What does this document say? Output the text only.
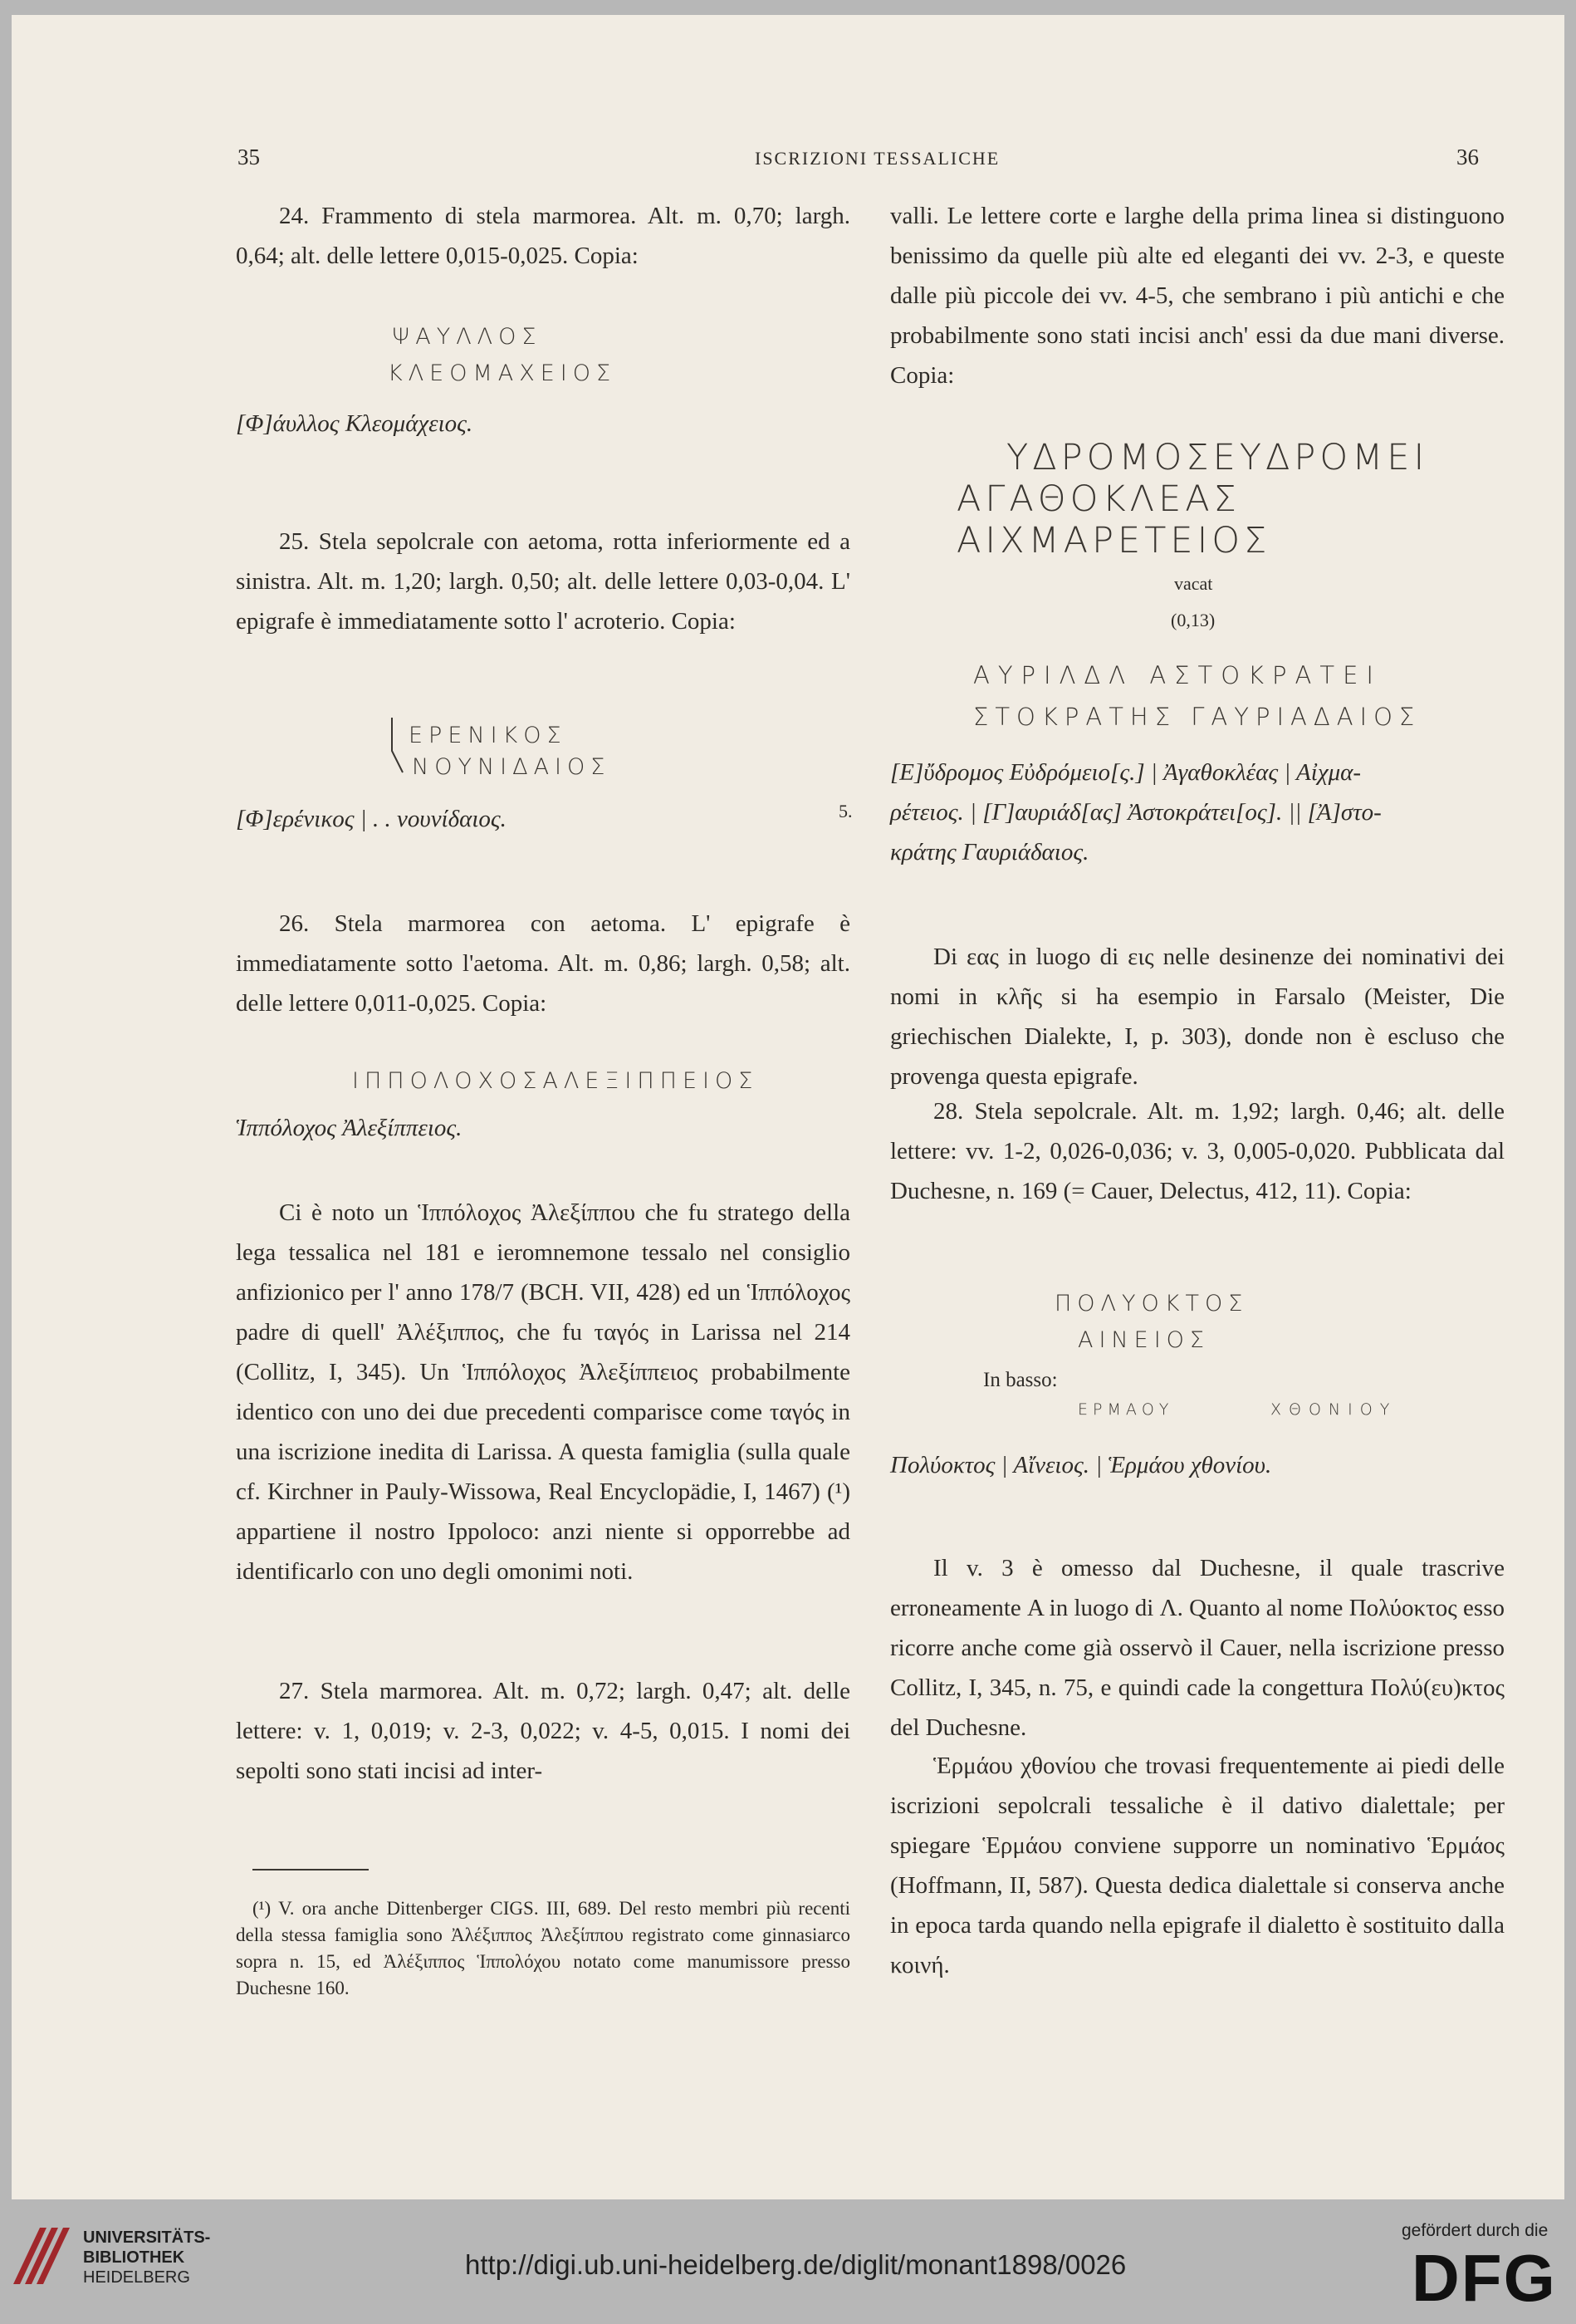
35	ISCRIZIONI TESSALICHE	36
24. Frammento di stela marmorea. Alt. m. 0,70; largh. 0,64; alt. delle lettere 0,015-0,025. Copia:
ΨΑΥΛΛΟΣ
ΚΛΕΟΜΑΧΕΙΟΣ
[Φ]άυλλος Κλεομάχειος.
25. Stela sepolcrale con aetoma, rotta inferiormente ed a sinistra. Alt. m. 1,20; largh. 0,50; alt. delle lettere 0,03-0,04. L' epigrafe è immediatamente sotto l' acroterio. Copia:
ΕΡΕΝΙΚΟΣ
ΝΟΥΝΙΔΑΙΟΣ
[Φ]ερένικος | . . νουνίδαιος.
26. Stela marmorea con aetoma. L' epigrafe è immediatamente sotto l'aetoma. Alt. m. 0,86; largh. 0,58; alt. delle lettere 0,011-0,025. Copia:
ΙΠΠΟΛΟΧΟΣΑΛΕΞΙΠΠΕΙΟΣ
Ἱππόλοχος Ἀλεξίππειος.
Ci è noto un Ἱππόλοχος Ἀλεξίππου che fu stratego della lega tessalica nel 181 e ieromnemone tessalo nel consiglio anfizionico per l' anno 178/7 (BCH. VII, 428) ed un Ἱππόλοχος padre di quell' Ἀλέξιππος, che fu ταγός in Larissa nel 214 (Collitz, I, 345). Un Ἱππόλοχος Ἀλεξίππειος probabilmente identico con uno dei due precedenti comparisce come ταγός in una iscrizione inedita di Larissa. A questa famiglia (sulla quale cf. Kirchner in Pauly-Wissowa, Real Encyclopädie, I, 1467) (¹) appartiene il nostro Ippoloco: anzi niente si opporrebbe ad identificarlo con uno degli omonimi noti.
27. Stela marmorea. Alt. m. 0,72; largh. 0,47; alt. delle lettere: v. 1, 0,019; v. 2-3, 0,022; v. 4-5, 0,015. I nomi dei sepolti sono stati incisi ad inter-
(¹) V. ora anche Dittenberger CIGS. III, 689. Del resto membri più recenti della stessa famiglia sono Ἀλέξιππος Ἀλεξίππου registrato come ginnasiarco sopra n. 15, ed Ἀλέξιππος Ἱππολόχου notato come manumissore presso Duchesne 160.
valli. Le lettere corte e larghe della prima linea si distinguono benissimo da quelle più alte ed eleganti dei vv. 2-3, e queste dalle più piccole dei vv. 4-5, che sembrano i più antichi e che probabilmente sono stati incisi anch' essi da due mani diverse. Copia:
ΥΔΡΟΜΟΣΕΥΔΡΟΜΕΙ
ΑΓΑΘΟΚΛΕΑΣ
ΑΙΧΜΑΡΕΤΕΙΟΣ
vacat
(0,13)
ΑΥΡΙΛΔΛ ΑΣΤΟΚΡΑΤΕΙ
ΣΤΟΚΡΑΤΗΣ ΓΑΥΡΙΑΔΑΙΟΣ
[Ε]ὔδρομος Εὐδρόμειο[ς.] | Ἀγαθοκλέας | Αἰχμα-
5. ρέτειος. | [Γ]αυριάδ[ας] Ἀστοκράτει[ος]. || [Ἀ]στο-
κράτης Γαυριάδαιος.
Di εας in luogo di εις nelle desinenze dei nominativi dei nomi in κλῆς si ha esempio in Farsalo (Meister, Die griechischen Dialekte, I, p. 303), donde non è escluso che provenga questa epigrafe.
28. Stela sepolcrale. Alt. m. 1,92; largh. 0,46; alt. delle lettere: vv. 1-2, 0,026-0,036; v. 3, 0,005-0,020. Pubblicata dal Duchesne, n. 169 (= Cauer, Delectus, 412, 11). Copia:
ΠΟΛΥΟΚΤΟΣ
ΑΙΝΕΙΟΣ
In basso:
ΕΡΜΑΟΥ	ΧΘΟΝΙΟΥ
Πολύοκτος | Αἴνειος. | Ἑρμάου χθονίου.
Il v. 3 è omesso dal Duchesne, il quale trascrive erroneamente Α in luogo di Λ. Quanto al nome Πολύοκτος esso ricorre anche come già osservò il Cauer, nella iscrizione presso Collitz, I, 345, n. 75, e quindi cade la congettura Πολύ(ευ)κτος del Duchesne.
Ἑρμάου χθονίου che trovasi frequentemente ai piedi delle iscrizioni sepolcrali tessaliche è il dativo dialettale; per spiegare Ἑρμάου conviene supporre un nominativo Ἑρμάος (Hoffmann, II, 587). Questa dedica dialettale si conserva anche in epoca tarda quando nella epigrafe il dialetto è sostituito dalla κοινή.
UNIVERSITÄTS-
BIBLIOTHEK
HEIDELBERG	http://digi.ub.uni-heidelberg.de/diglit/monant1898/0026
gefördert durch die
DFG
